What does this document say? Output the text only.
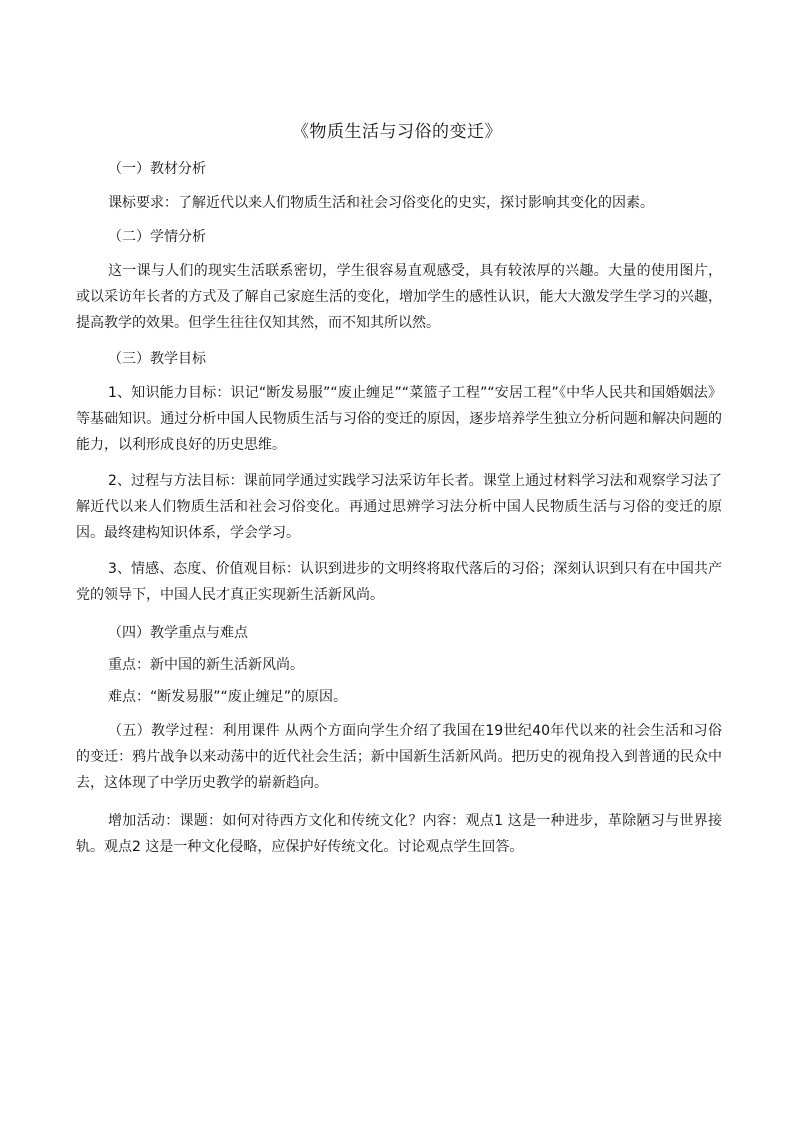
《物质生活与习俗的变迁》
（一）教材分析
课标要求：了解近代以来人们物质生活和社会习俗变化的史实，探讨影响其变化的因素。
（二）学情分析
这一课与人们的现实生活联系密切，学生很容易直观感受，具有较浓厚的兴趣。大量的使用图片，或以采访年长者的方式及了解自己家庭生活的变化，增加学生的感性认识，能大大激发学生学习的兴趣，提高教学的效果。但学生往往仅知其然，而不知其所以然。
（三）教学目标
1、知识能力目标：识记“断发易服”“废止缠足”“菜篮子工程”“安居工程”《中华人民共和国婚姻法》等基础知识。通过分析中国人民物质生活与习俗的变迁的原因，逐步培养学生独立分析问题和解决问题的能力，以利形成良好的历史思维。
2、过程与方法目标：课前同学通过实践学习法采访年长者。课堂上通过材料学习法和观察学习法了解近代以来人们物质生活和社会习俗变化。再通过思辨学习法分析中国人民物质生活与习俗的变迁的原因。最终建构知识体系，学会学习。
3、情感、态度、价值观目标：认识到进步的文明终将取代落后的习俗；深刻认识到只有在中国共产党的领导下，中国人民才真正实现新生活新风尚。
（四）教学重点与难点
重点：新中国的新生活新风尚。
难点：“断发易服”“废止缠足”的原因。
（五）教学过程：利用课件 从两个方面向学生介绍了我国在19世纪40年代以来的社会生活和习俗的变迁：鸦片战争以来动荡中的近代社会生活；新中国新生活新风尚。把历史的视角投入到普通的民众中去，这体现了中学历史教学的崭新趋向。
增加活动：课题：如何对待西方文化和传统文化？内容：观点1 这是一种进步，革除陋习与世界接轨。观点2 这是一种文化侵略，应保护好传统文化。讨论观点学生回答。
